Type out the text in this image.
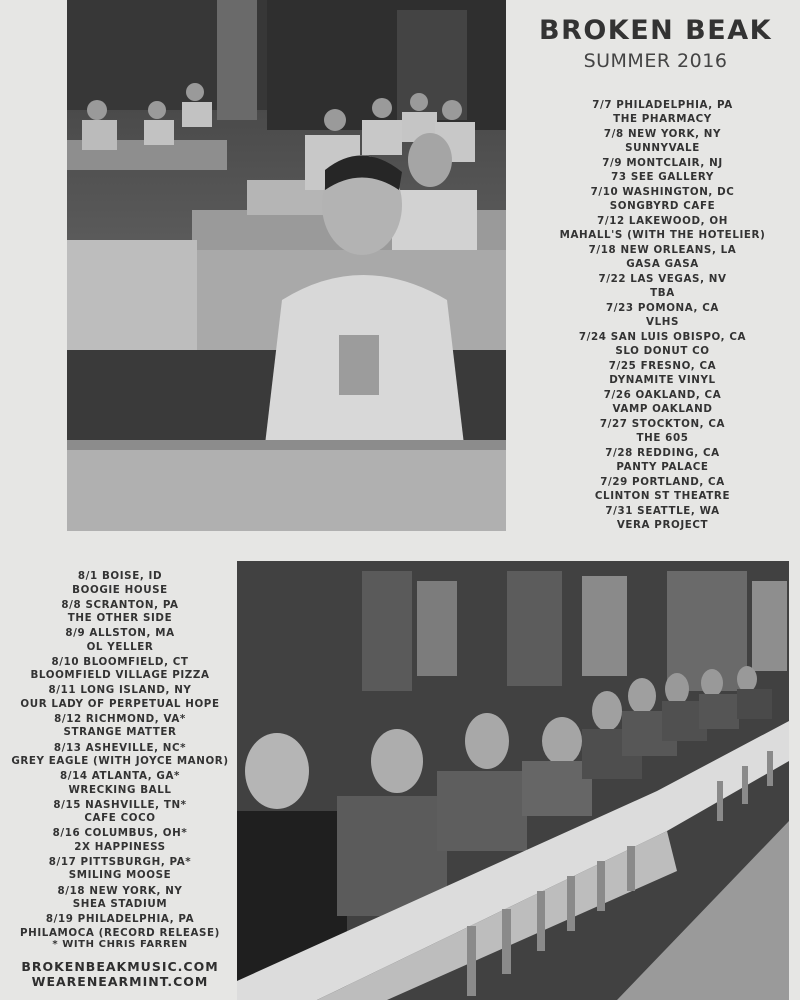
BROKEN BEAK
SUMMER 2016
7/7 PHILADELPHIA, PA
THE PHARMACY
7/8 NEW YORK, NY
SUNNYVALE
7/9 MONTCLAIR, NJ
73 SEE GALLERY
7/10 WASHINGTON, DC
SONGBYRD CAFE
7/12 LAKEWOOD, OH
MAHALL'S (WITH THE HOTELIER)
7/18 NEW ORLEANS, LA
GASA GASA
7/22 LAS VEGAS, NV
TBA
7/23 POMONA, CA
VLHS
7/24 SAN LUIS OBISPO, CA
SLO DONUT CO
7/25 FRESNO, CA
DYNAMITE VINYL
7/26 OAKLAND, CA
VAMP OAKLAND
7/27 STOCKTON, CA
THE 605
7/28 REDDING, CA
PANTY PALACE
7/29 PORTLAND, CA
CLINTON ST THEATRE
7/31 SEATTLE, WA
VERA PROJECT
8/1 BOISE, ID
BOOGIE HOUSE
8/8 SCRANTON, PA
THE OTHER SIDE
8/9 ALLSTON, MA
OL YELLER
8/10 BLOOMFIELD, CT
BLOOMFIELD VILLAGE PIZZA
8/11 LONG ISLAND, NY
OUR LADY OF PERPETUAL HOPE
8/12 RICHMOND, VA*
STRANGE MATTER
8/13 ASHEVILLE, NC*
GREY EAGLE (WITH JOYCE MANOR)
8/14 ATLANTA, GA*
WRECKING BALL
8/15 NASHVILLE, TN*
CAFE COCO
8/16 COLUMBUS, OH*
2X HAPPINESS
8/17 PITTSBURGH, PA*
SMILING MOOSE
8/18 NEW YORK, NY
SHEA STADIUM
8/19 PHILADELPHIA, PA
PHILAMOCA (RECORD RELEASE)
* WITH CHRIS FARREN
BROKENBEAKMUSIC.COM
WEARENEARMINT.COM
